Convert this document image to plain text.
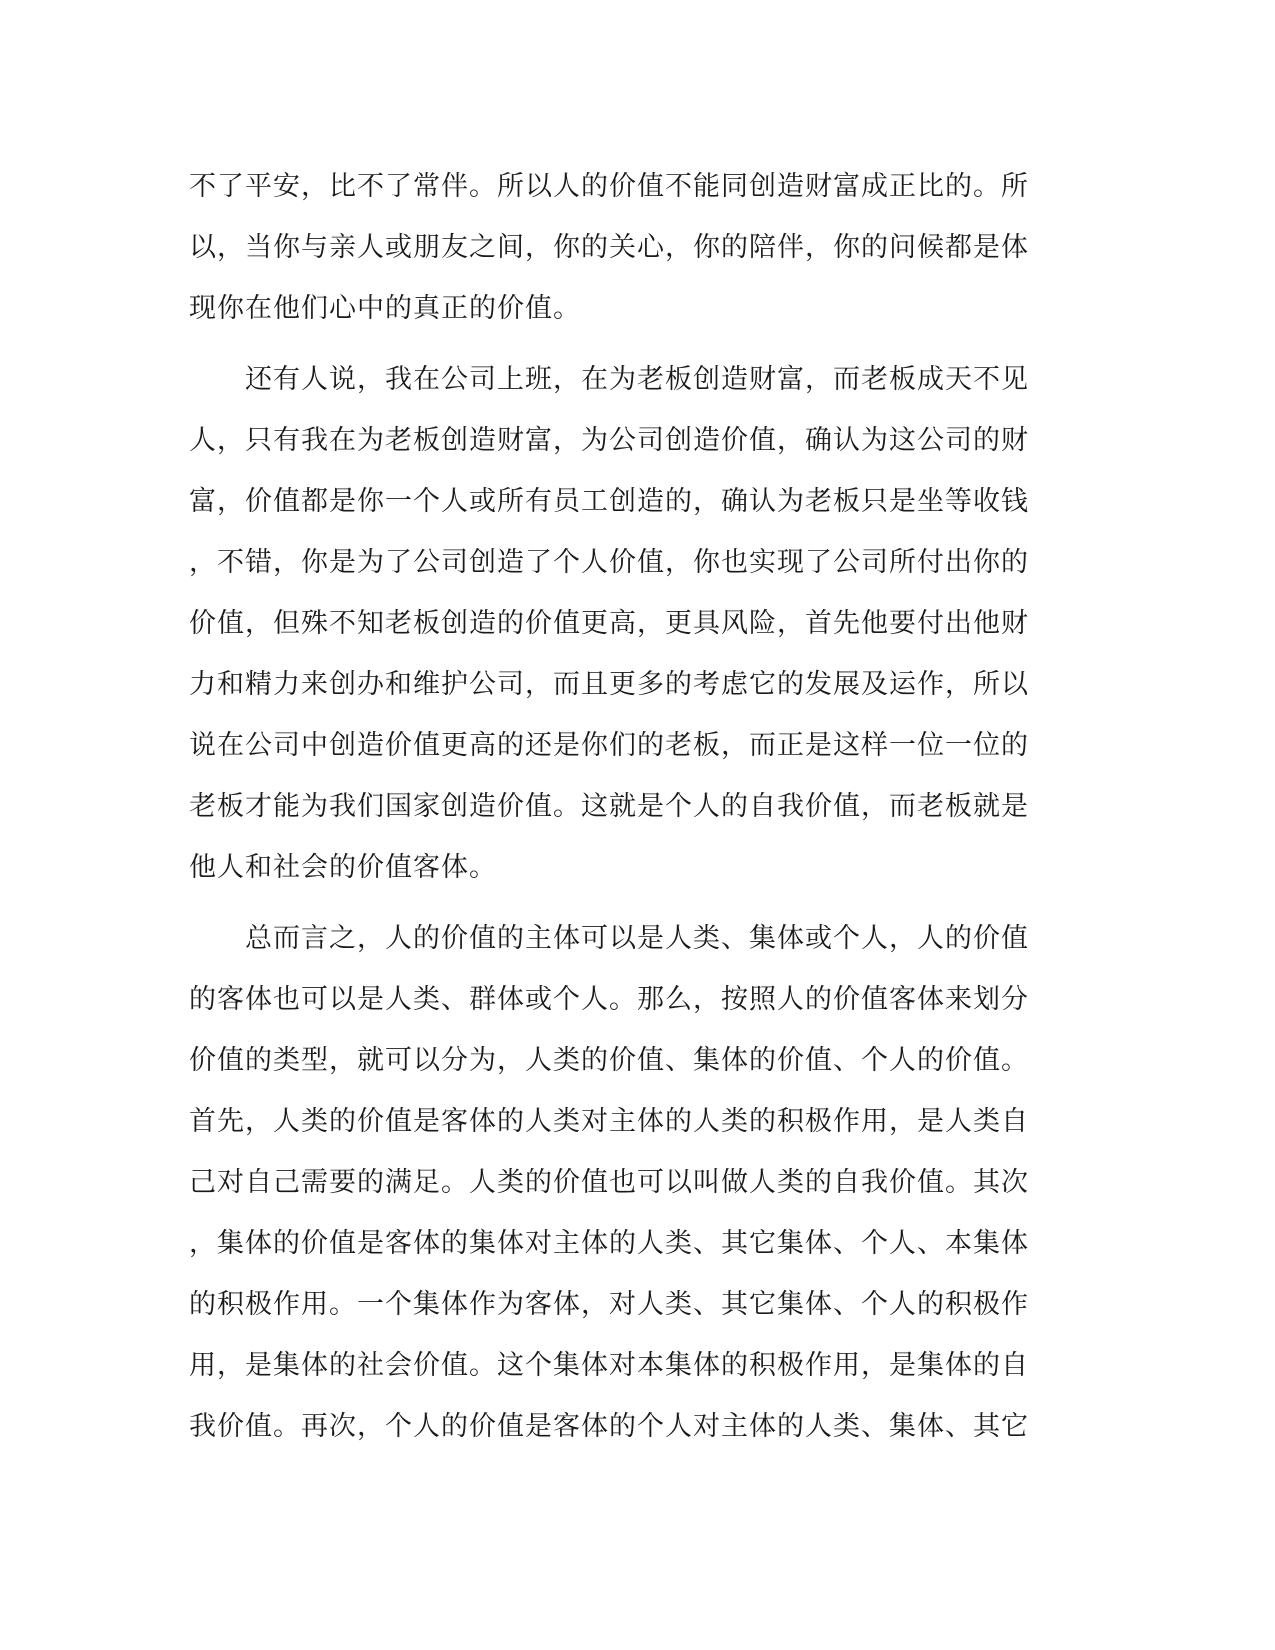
不了平安，比不了常伴。所以人的价值不能同创造财富成正比的。所
以，当你与亲人或朋友之间，你的关心，你的陪伴，你的问候都是体
现你在他们心中的真正的价值。
　　还有人说，我在公司上班，在为老板创造财富，而老板成天不见
人，只有我在为老板创造财富，为公司创造价值，确认为这公司的财
富，价值都是你一个人或所有员工创造的，确认为老板只是坐等收钱
，不错，你是为了公司创造了个人价值，你也实现了公司所付出你的
价值，但殊不知老板创造的价值更高，更具风险，首先他要付出他财
力和精力来创办和维护公司，而且更多的考虑它的发展及运作，所以
说在公司中创造价值更高的还是你们的老板，而正是这样一位一位的
老板才能为我们国家创造价值。这就是个人的自我价值，而老板就是
他人和社会的价值客体。
　　总而言之，人的价值的主体可以是人类、集体或个人，人的价值
的客体也可以是人类、群体或个人。那么，按照人的价值客体来划分
价值的类型，就可以分为，人类的价值、集体的价值、个人的价值。
首先，人类的价值是客体的人类对主体的人类的积极作用，是人类自
己对自己需要的满足。人类的价值也可以叫做人类的自我价值。其次
，集体的价值是客体的集体对主体的人类、其它集体、个人、本集体
的积极作用。一个集体作为客体，对人类、其它集体、个人的积极作
用，是集体的社会价值。这个集体对本集体的积极作用，是集体的自
我价值。再次，个人的价值是客体的个人对主体的人类、集体、其它
